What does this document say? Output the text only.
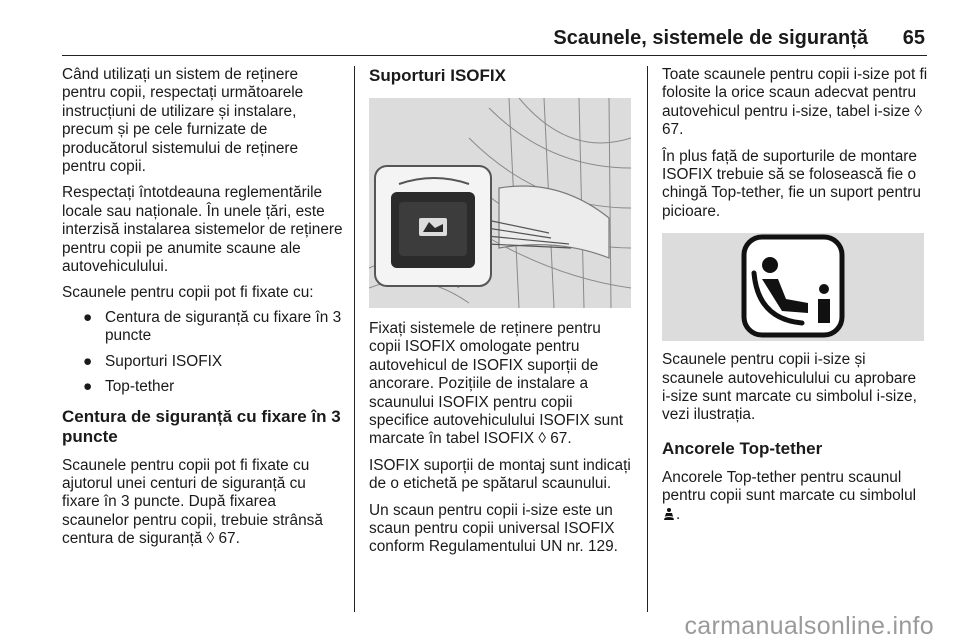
Scaunele, sistemele de siguranță 65

Când utilizați un sistem de reținere pentru copii, respectați următoarele instrucțiuni de utilizare și instalare, precum și pe cele furnizate de producătorul sistemului de reținere pentru copii.

Respectați întotdeauna reglementările locale sau naționale. În unele țări, este interzisă instalarea sistemelor de reținere pentru copii pe anumite scaune ale autovehiculului.

Scaunele pentru copii pot fi fixate cu:

● Centura de siguranță cu fixare în 3 puncte
● Suporturi ISOFIX
● Top-tether
Centura de siguranță cu fixare în 3 puncte

Scaunele pentru copii pot fi fixate cu ajutorul unei centuri de siguranță cu fixare în 3 puncte. După fixarea scaunelor pentru copii, trebuie strânsă centura de siguranță ◊ 67.

Suporturi ISOFIX

Fixați sistemele de reținere pentru copii ISOFIX omologate pentru autovehicul de ISOFIX suporții de ancorare. Pozițiile de instalare a scaunului ISOFIX pentru copii specifice autovehiculului ISOFIX sunt marcate în tabel ISOFIX ◊ 67.

ISOFIX suporții de montaj sunt indicați de o etichetă pe spătarul scaunului.

Un scaun pentru copii i-size este un scaun pentru copii universal ISOFIX conform Regulamentului UN nr. 129.

Toate scaunele pentru copii i-size pot fi folosite la orice scaun adecvat pentru autovehicul pentru i-size, tabel i-size ◊ 67.

În plus față de suporturile de montare ISOFIX trebuie să se folosească fie o chingă Top-tether, fie un suport pentru picioare.

Scaunele pentru copii i-size și scaunele autovehiculului cu aprobare i-size sunt marcate cu simbolul i-size, vezi ilustrația.

Ancorele Top-tether

Ancorele Top-tether pentru scaunul pentru copii sunt marcate cu simbolul .

carmanualsonline.info
